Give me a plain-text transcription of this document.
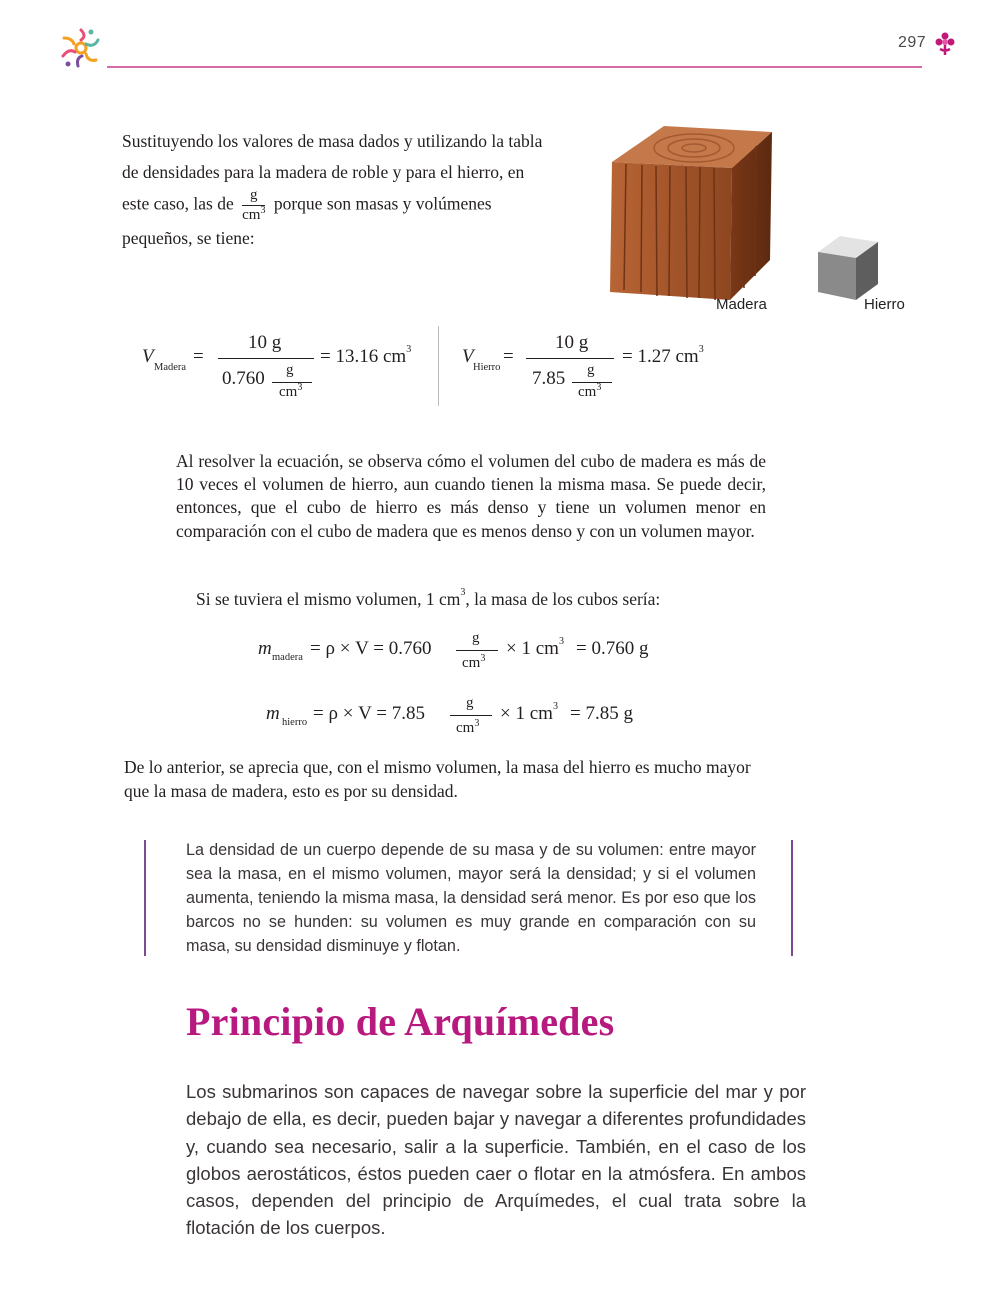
297
Sustituyendo los valores de masa dados y utilizando la tabla de densidades para la madera de roble y para el hierro, en este caso, las de $\frac{g}{cm^3}$ porque son masas y volúmenes pequeños, se tiene:
Madera	Hierro
V
Madera
=
10 g
0.760 g
$cm^3$
= 13.16 $cm^3$	V
Hierro
=
10 g
7.85 g
$cm^3$
= 1.27 $cm^3$
Al resolver la ecuación, se observa cómo el volumen del cubo de madera es más de 10 veces el volumen de hierro, aun cuando tienen la misma masa. Se puede decir, entonces, que el cubo de hierro es más denso y tiene un volumen menor en comparación con el cubo de madera que es menos denso y con un volumen mayor.
Si se tuviera el mismo volumen, 1 $cm^3$, la masa de los cubos sería:
m madera = ρ × V = 0.760	g
$cm^3 \times 1$ $cm^3 = 0.760$ g
m hierro = ρ × V = 7.85	g
$cm^3 \times 1$ $cm^3 = 7.85$ g
De lo anterior, se aprecia que, con el mismo volumen, la masa del hierro es mucho mayor que la masa de madera, esto es por su densidad.
La densidad de un cuerpo depende de su masa y de su volumen: entre mayor sea la masa, en el mismo volumen, mayor será la densidad; y si el volumen aumenta, teniendo la misma masa, la densidad será menor. Es por eso que los barcos no se hunden: su volumen es muy grande en comparación con su masa, su densidad disminuye y flotan.
Principio de Arquímedes
Los submarinos son capaces de navegar sobre la superficie del mar y por debajo de ella, es decir, pueden bajar y navegar a diferentes profundidades y, cuando sea necesario, salir a la superficie. También, en el caso de los globos aerostáticos, éstos pueden caer o flotar en la atmósfera. En ambos casos, dependen del principio de Arquímedes, el cual trata sobre la flotación de los cuerpos.
